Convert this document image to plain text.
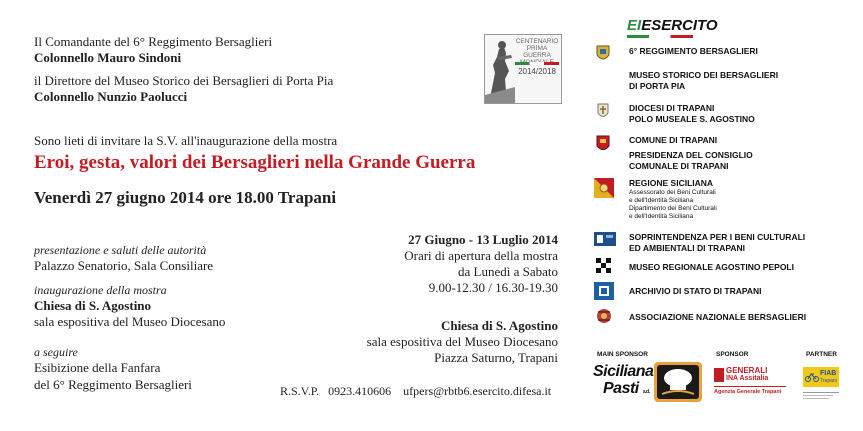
Il Comandante del 6° Reggimento Bersaglieri
Colonnello Mauro Sindoni
il Direttore del Museo Storico dei Bersaglieri di Porta Pia
Colonnello Nunzio Paolucci
Sono lieti di invitare la S.V. all'inaugurazione della mostra
Eroi, gesta, valori dei Bersaglieri nella Grande Guerra
Venerdì 27 giugno 2014 ore 18.00 Trapani
CENTENARIO
PRIMA GUERRA
2014/2018
presentazione e saluti delle autorità
Palazzo Senatorio, Sala Consiliare
inaugurazione della mostra
Chiesa di S. Agostino
sala espositiva del Museo Diocesano
a seguire
Esibizione della Fanfara
del 6° Reggimento Bersaglieri
27 Giugno - 13 Luglio 2014
Orari di apertura della mostra
da Lunedì a Sabato
9.00-12.30 / 16.30-19.30
Chiesa di S. Agostino
sala espositiva del Museo Diocesano
Piazza Saturno, Trapani
R.S.V.P. 0923.410606 ufpers@rbtb6.esercito.difesa.it
EIESERCITO
6° REGGIMENTO BERSAGLIERI
MUSEO STORICO DEI BERSAGLIERI
DI PORTA PIA
DIOCESI DI TRAPANI
POLO MUSEALE S. AGOSTINO
COMUNE DI TRAPANI
PRESIDENZA DEL CONSIGLIO
COMUNALE DI TRAPANI
REGIONE SICILIANA
Assessorato dei Beni Culturali
e dell'Identità Siciliana
Dipartimento dei Beni Culturali
e dell'Identità Siciliana
SOPRINTENDENZA PER I BENI CULTURALI
ED AMBIENTALI DI TRAPANI
MUSEO REGIONALE AGOSTINO PEPOLI
ARCHIVIO DI STATO DI TRAPANI
ASSOCIAZIONE NAZIONALE BERSAGLIERI
MAIN SPONSOR	SPONSOR	PARTNER
Siciliana
Pasti s.r.l.
GENERALI
INA Assitalia
Agenzia Generale Trapani
FIAB
Trapani
